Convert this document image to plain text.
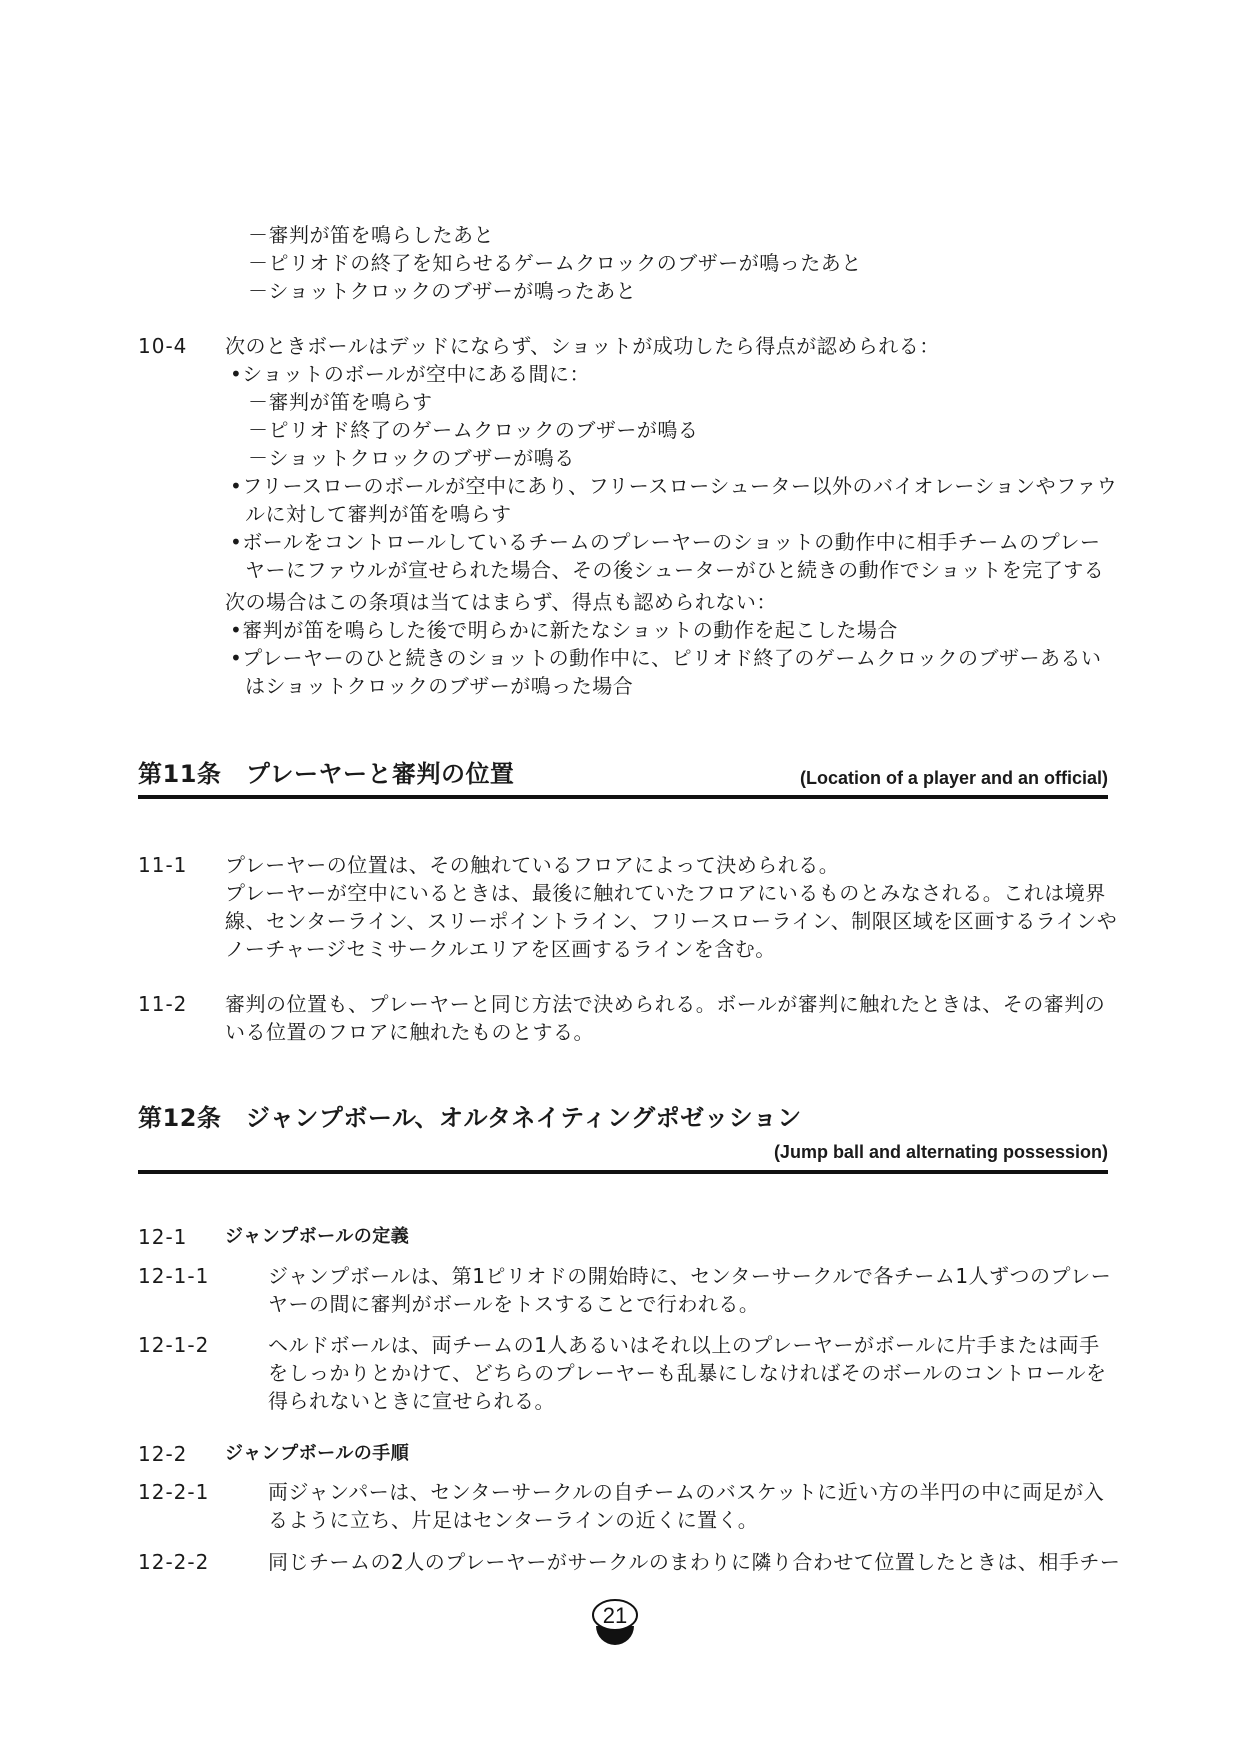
－審判が笛を鳴らしたあと
－ピリオドの終了を知らせるゲームクロックのブザーが鳴ったあと
－ショットクロックのブザーが鳴ったあと
10-4 次のときボールはデッドにならず、ショットが成功したら得点が認められる：
•ショットのボールが空中にある間に：
－審判が笛を鳴らす
－ピリオド終了のゲームクロックのブザーが鳴る
－ショットクロックのブザーが鳴る
•フリースローのボールが空中にあり、フリースローシューター以外のバイオレーションやファウ
ルに対して審判が笛を鳴らす
•ボールをコントロールしているチームのプレーヤーのショットの動作中に相手チームのプレー
ヤーにファウルが宣せられた場合、その後シューターがひと続きの動作でショットを完了する
次の場合はこの条項は当てはまらず、得点も認められない：
•審判が笛を鳴らした後で明らかに新たなショットの動作を起こした場合
•プレーヤーのひと続きのショットの動作中に、ピリオド終了のゲームクロックのブザーあるい
はショットクロックのブザーが鳴った場合
第11条　プレーヤーと審判の位置	(Location of a player and an official)
11-1 プレーヤーの位置は、その触れているフロアによって決められる。
プレーヤーが空中にいるときは、最後に触れていたフロアにいるものとみなされる。これは境界
線、センターライン、スリーポイントライン、フリースローライン、制限区域を区画するラインや
ノーチャージセミサークルエリアを区画するラインを含む。
11-2 審判の位置も、プレーヤーと同じ方法で決められる。ボールが審判に触れたときは、その審判の
いる位置のフロアに触れたものとする。
第12条　ジャンプボール、オルタネイティングポゼッション
(Jump ball and alternating possession)
12-1 ジャンプボールの定義
12-1-1	ジャンプボールは、第1ピリオドの開始時に、センターサークルで各チーム1人ずつのプレー
ヤーの間に審判がボールをトスすることで行われる。
12-1-2	ヘルドボールは、両チームの1人あるいはそれ以上のプレーヤーがボールに片手または両手
をしっかりとかけて、どちらのプレーヤーも乱暴にしなければそのボールのコントロールを
得られないときに宣せられる。
12-2 ジャンプボールの手順
12-2-1	両ジャンパーは、センターサークルの自チームのバスケットに近い方の半円の中に両足が入
るように立ち、片足はセンターラインの近くに置く。
12-2-2	同じチームの2人のプレーヤーがサークルのまわりに隣り合わせて位置したときは、相手チー
21
